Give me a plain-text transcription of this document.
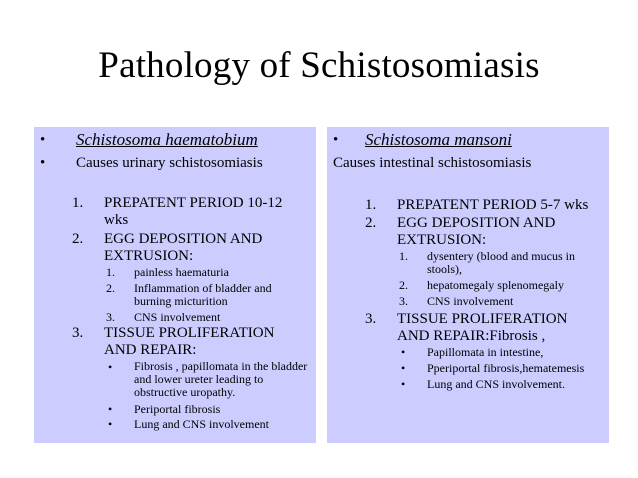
Pathology of Schistosomiasis
• Schistosoma haematobium
• Causes urinary schistosomiasis
1. PREPATENT PERIOD 10-12 wks
2. EGG DEPOSITION AND EXTRUSION:
1. painless haematuria
2. Inflammation of bladder and burning micturition
3. CNS involvement
3. TISSUE PROLIFERATION AND REPAIR:
• Fibrosis , papillomata in the bladder and lower ureter leading to obstructive uropathy.
• Periportal fibrosis
• Lung and CNS involvement
• Schistosoma mansoni
Causes intestinal schistosomiasis
1. PREPATENT PERIOD 5-7 wks
2. EGG DEPOSITION AND EXTRUSION:
1. dysentery (blood and mucus in stools),
2. hepatomegaly splenomegaly
3. CNS involvement
3. TISSUE PROLIFERATION AND REPAIR:Fibrosis ,
• Papillomata in intestine,
• Pperiportal fibrosis,hematemesis
• Lung and CNS involvement.
